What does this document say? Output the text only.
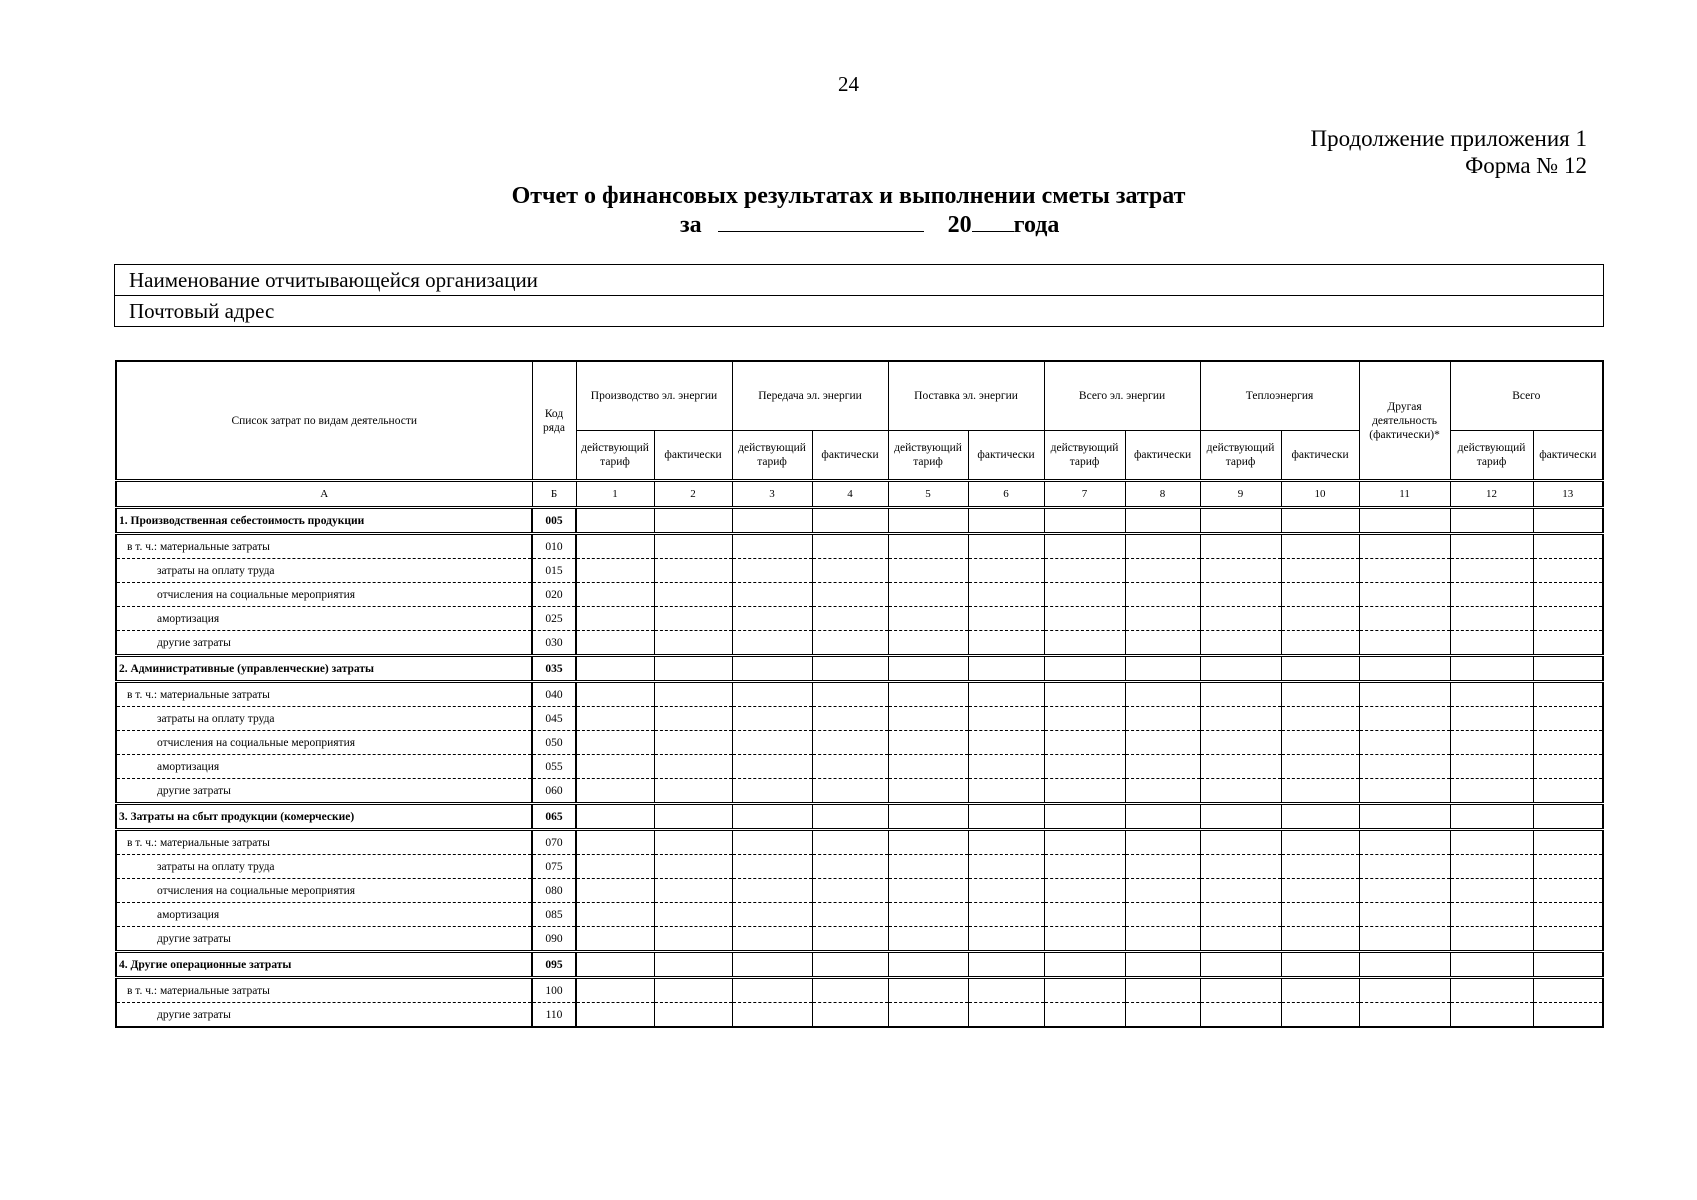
24
Продолжение приложения 1
Форма № 12
Отчет о финансовых результатах и выполнении сметы затрат
за	20 года
Наименование отчитывающейся организации
Почтовый адрес
Список затрат по видам деятельности	Код ряда	Производство эл. энергии		Передача эл. энергии		Поставка эл. энергии		Всего эл. энергии		Теплоэнергия		Другая деятельность (фактически)*	Всего	
		действующий тариф	фактически	действующий тариф	фактически	действующий тариф	фактически	действующий тариф	фактически	действующий тариф	фактически		действующий тариф	фактически
А	Б	1	2	3	4	5	6	7	8	9	10	11	12	13
1. Производственная себестоимость продукции	005													
в т. ч.: материальные затраты	010													
затраты на оплату труда	015													
отчисления на социальные мероприятия	020													
амортизация	025													
другие затраты	030													
2. Административные (управленческие) затраты	035													
в т. ч.: материальные затраты	040													
затраты на оплату труда	045													
отчисления на социальные мероприятия	050													
амортизация	055													
другие затраты	060													
3. Затраты на сбыт продукции (комерческие)	065													
в т. ч.: материальные затраты	070													
затраты на оплату труда	075													
отчисления на социальные мероприятия	080													
амортизация	085													
другие затраты	090													
4. Другие операционные затраты	095													
в т. ч.: материальные затраты	100													
другие затраты	110													
